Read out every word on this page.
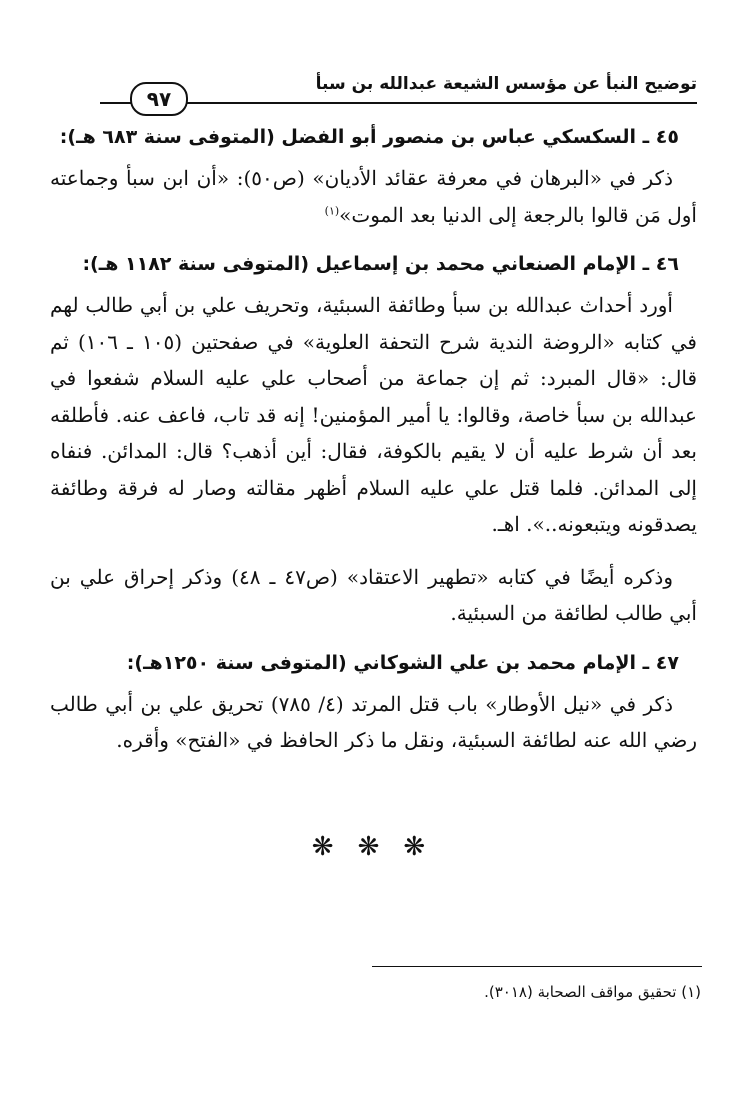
توضيح النبأ عن مؤسس الشيعة عبدالله بن سبأ
٩٧
٤٥ ـ السكسكي عباس بن منصور أبو الفضل (المتوفى سنة ٦٨٣ هـ):

ذكر في «البرهان في معرفة عقائد الأديان» (ص٥٠): «أن ابن سبأ وجماعته أول مَن قالوا بالرجعة إلى الدنيا بعد الموت»$^{(١)}$

٤٦ ـ الإمام الصنعاني محمد بن إسماعيل (المتوفى سنة ١١٨٢ هـ):

أورد أحداث عبدالله بن سبأ وطائفة السبئية، وتحريف علي بن أبي طالب لهم في كتابه «الروضة الندية شرح التحفة العلوية» في صفحتين (١٠٥ ـ ١٠٦) ثم قال: «قال المبرد: ثم إن جماعة من أصحاب علي عليه السلام شفعوا في عبدالله بن سبأ خاصة، وقالوا: يا أمير المؤمنين! إنه قد تاب، فاعف عنه. فأطلقه بعد أن شرط عليه أن لا يقيم بالكوفة، فقال: أين أذهب؟ قال: المدائن. فنفاه إلى المدائن. فلما قتل علي عليه السلام أظهر مقالته وصار له فرقة وطائفة يصدقونه ويتبعونه..». اهـ.

وذكره أيضًا في كتابه «تطهير الاعتقاد» (ص٤٧ ـ ٤٨) وذكر إحراق علي بن أبي طالب لطائفة من السبئية.

٤٧ ـ الإمام محمد بن علي الشوكاني (المتوفى سنة ١٢٥٠هـ):

ذكر في «نيل الأوطار» باب قتل المرتد (٤/ ٧٨٥) تحريق علي بن أبي طالب رضي الله عنه لطائفة السبئية، ونقل ما ذكر الحافظ في «الفتح» وأقره.

❋ ❋ ❋
(١) تحقيق مواقف الصحابة (٣٠١٨).
